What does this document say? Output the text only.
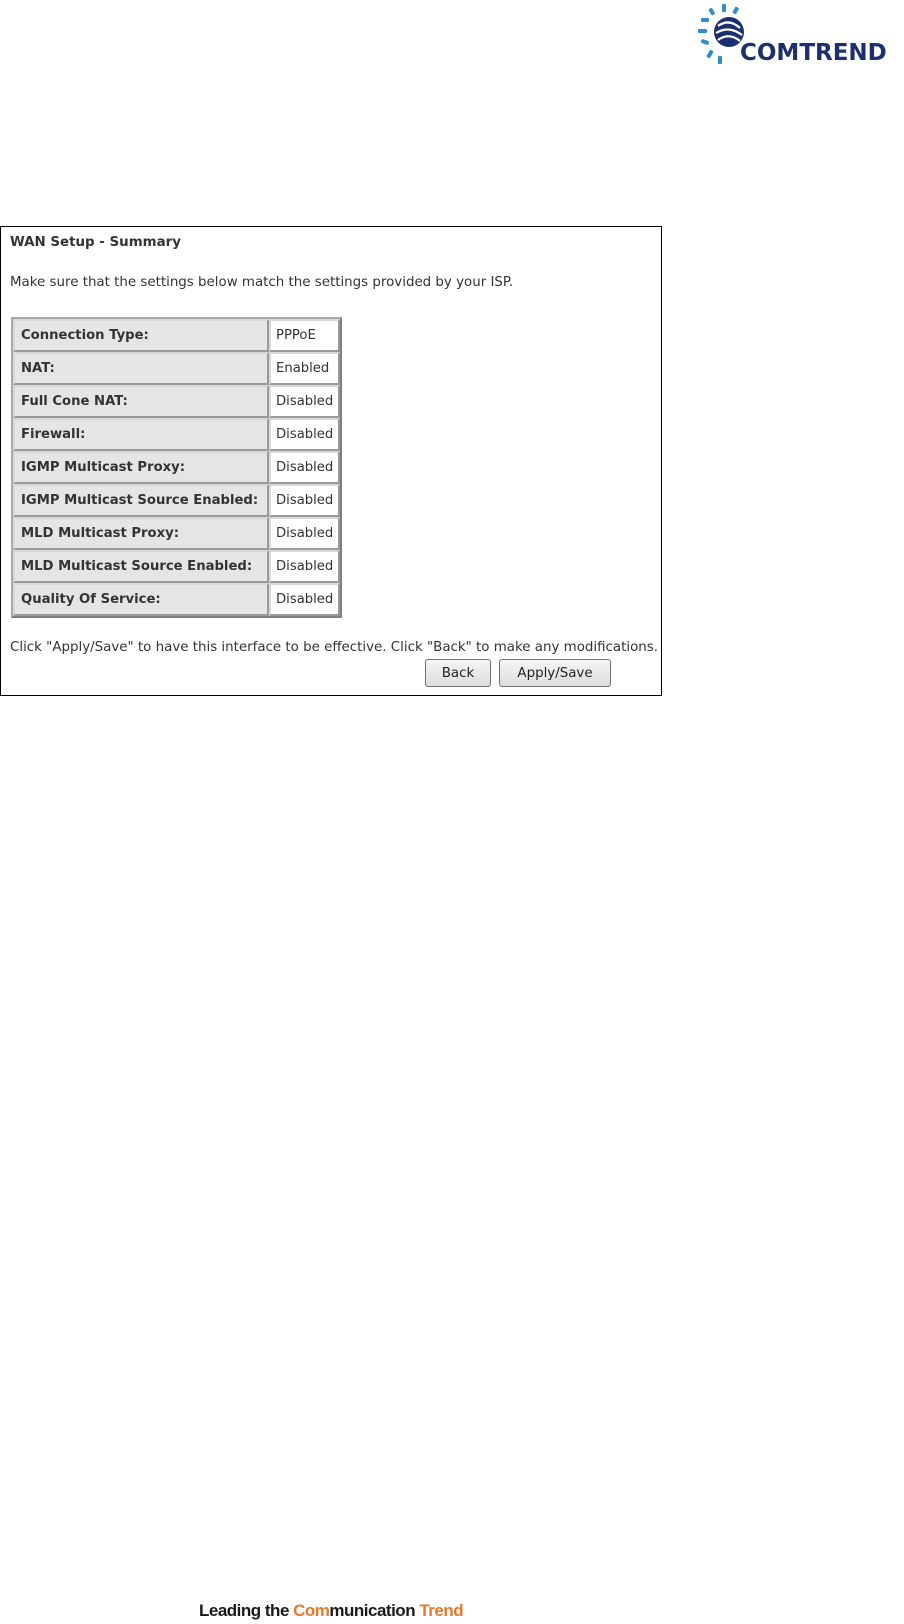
COMTREND
WAN Setup - Summary
Make sure that the settings below match the settings provided by your ISP.
Connection Type:	PPPoE
NAT:	Enabled
Full Cone NAT:	Disabled
Firewall:	Disabled
IGMP Multicast Proxy:	Disabled
IGMP Multicast Source Enabled:	Disabled
MLD Multicast Proxy:	Disabled
MLD Multicast Source Enabled:	Disabled
Quality Of Service:	Disabled
Click "Apply/Save" to have this interface to be effective. Click "Back" to make any modifications.
Back	Apply/Save
Leading the Communication Trend
